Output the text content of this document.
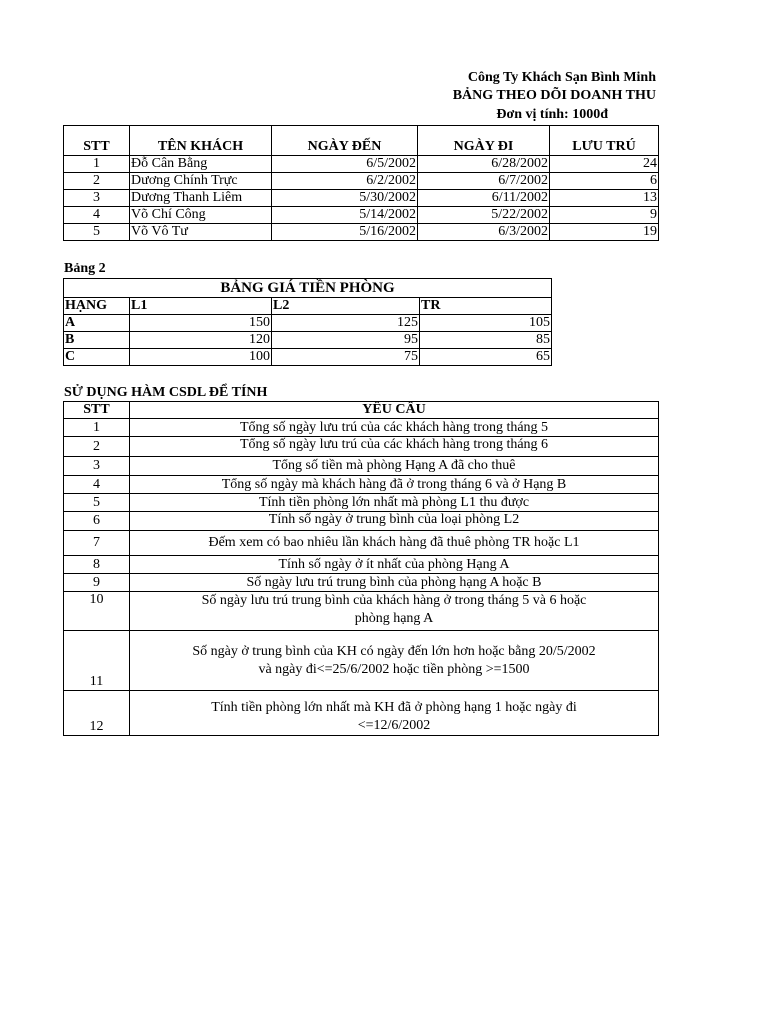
Công Ty Khách Sạn Bình Minh
BẢNG THEO DÕI DOANH THU
Đơn vị tính: 1000đ
STT	TÊN KHÁCH	NGÀY ĐẾN	NGÀY ĐI	LƯU TRÚ
1	Đỗ Cân Bằng	6/5/2002	6/28/2002	24
2	Dương Chính Trực	6/2/2002	6/7/2002	6
3	Dương Thanh Liêm	5/30/2002	6/11/2002	13
4	Võ Chí Công	5/14/2002	5/22/2002	9
5	Võ Vô Tư	5/16/2002	6/3/2002	19
Bảng 2
BẢNG GIÁ TIỀN PHÒNG			
HẠNG	L1	L2	TR
A	150	125	105
B	120	95	85
C	100	75	65
SỬ DỤNG HÀM CSDL ĐỂ TÍNH
STT	YÊU CẦU
1	Tổng số ngày lưu trú của các khách hàng trong tháng 5
2	Tổng số ngày lưu trú của các khách hàng trong tháng 6
3	Tổng số tiền mà phòng Hạng A đã cho thuê
4	Tổng số ngày mà khách hàng đã ở trong tháng 6 và ở Hạng B
5	Tính tiền phòng lớn nhất mà phòng L1 thu được
6	Tính số ngày ở trung bình của loại phòng L2
7	Đếm xem có bao nhiêu lần khách hàng đã thuê phòng TR hoặc L1
8	Tính số ngày ở ít nhất của phòng Hạng A
9	Số ngày lưu trú trung bình của phòng hạng A hoặc B
10	Số ngày lưu trú trung bình của khách hàng ở trong tháng 5 và 6 hoặc phòng hạng A
11	Số ngày ở trung bình của KH có ngày đến lớn hơn hoặc bằng 20/5/2002 và ngày đi<=25/6/2002 hoặc tiền phòng >=1500
12	Tính tiền phòng lớn nhất mà KH đã ở phòng hạng 1 hoặc ngày đi <=12/6/2002
